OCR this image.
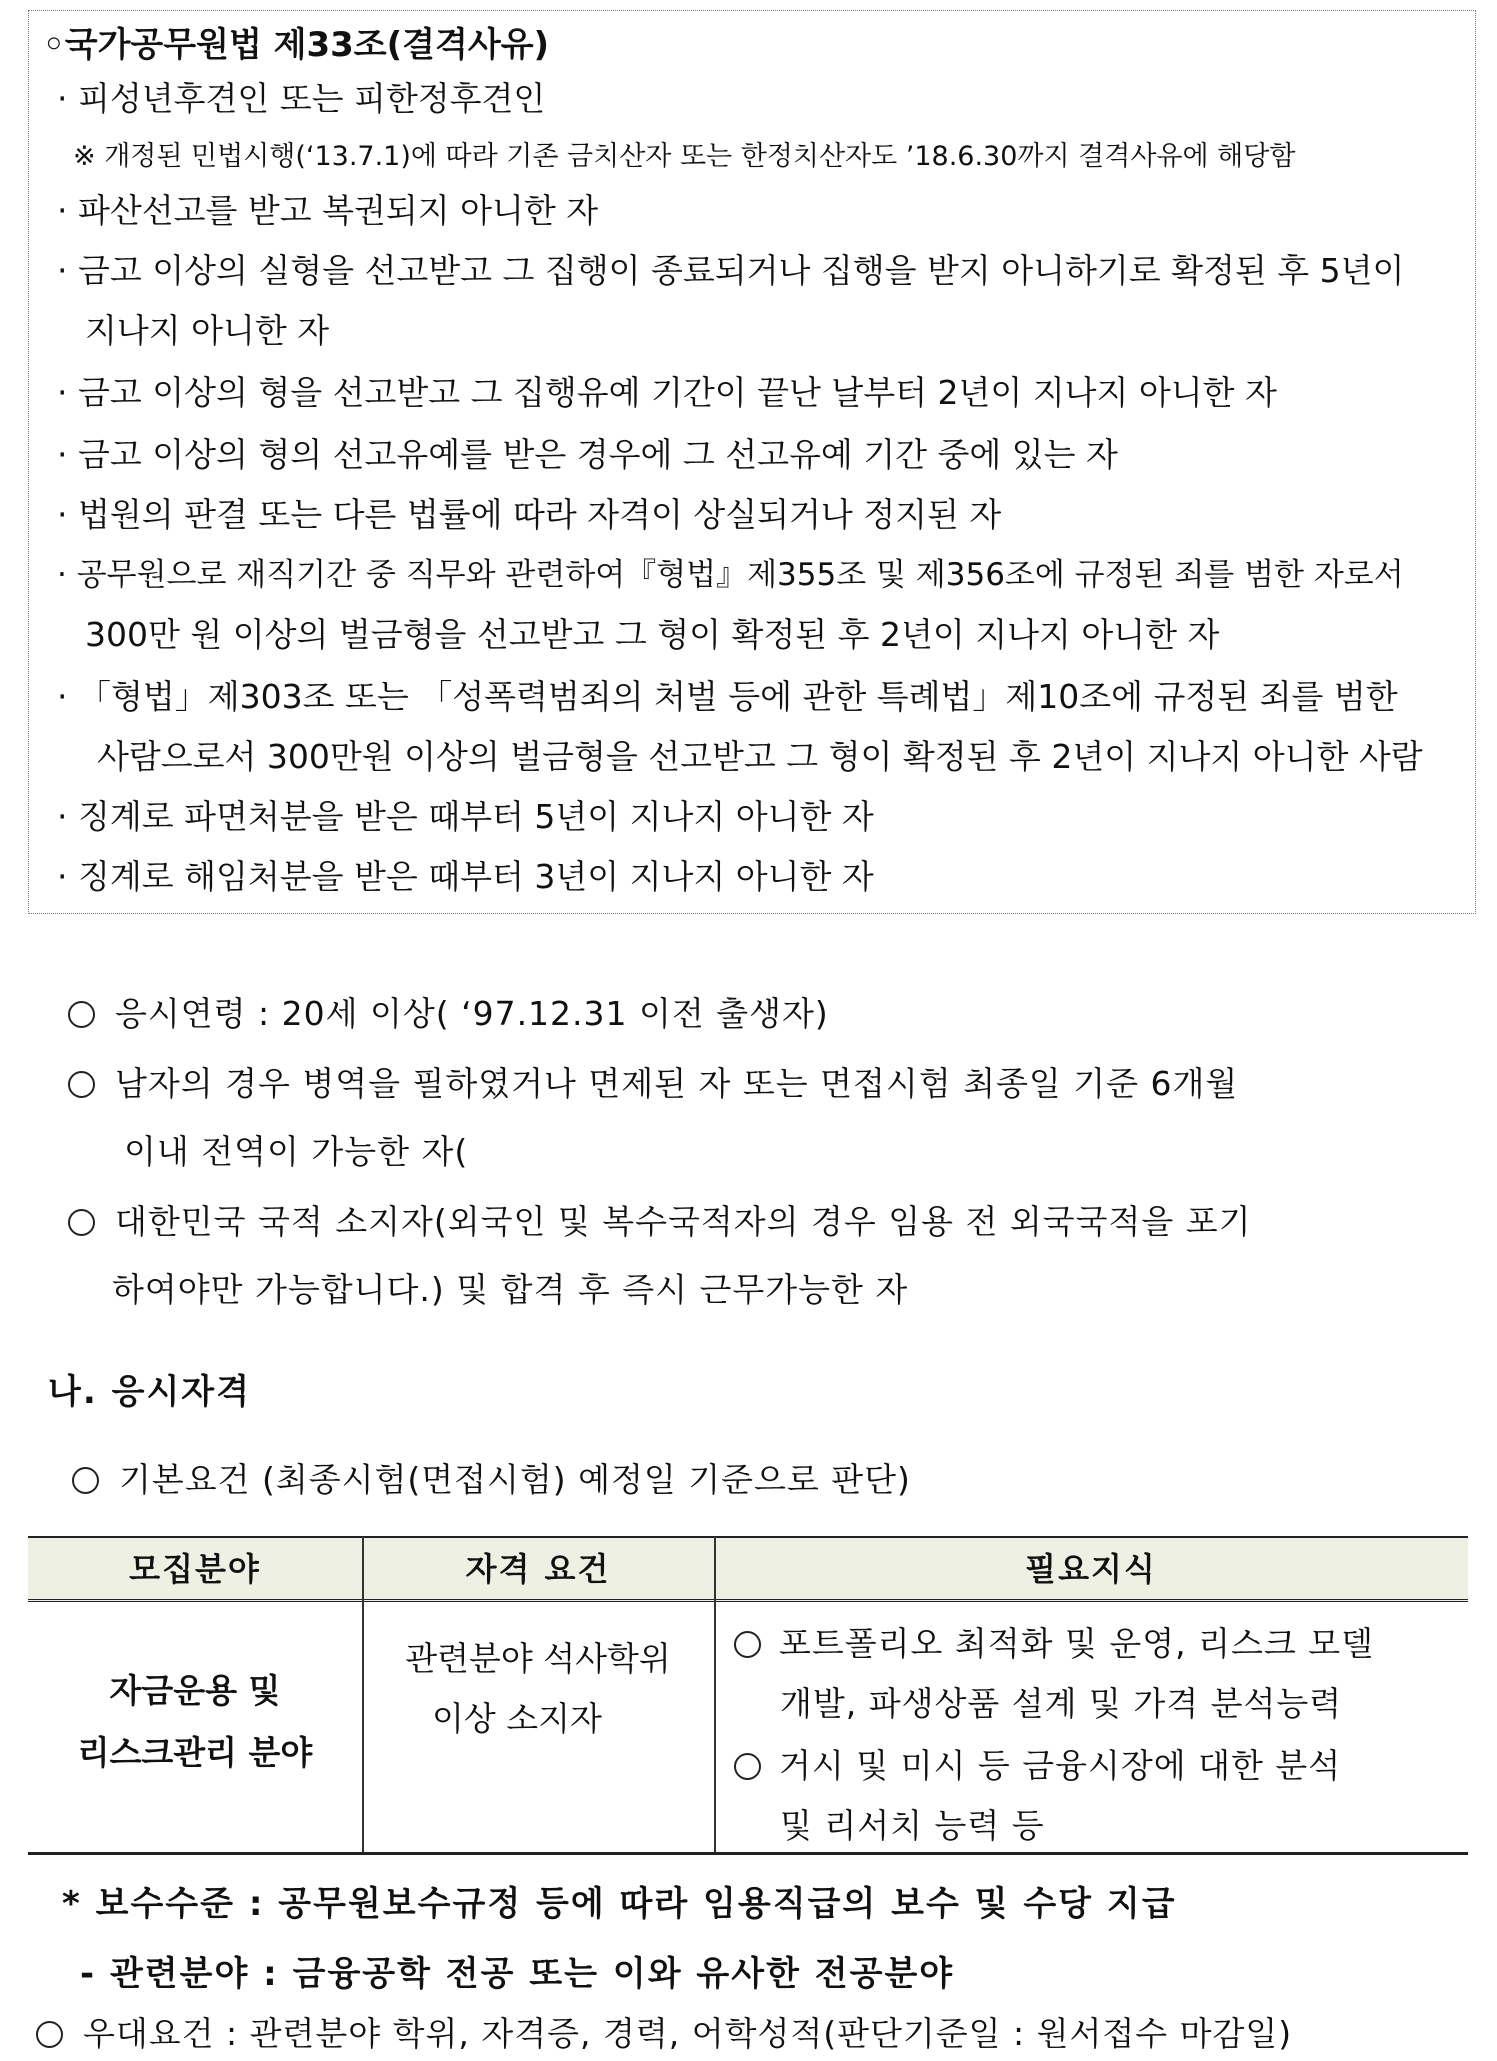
◦국가공무원법 제33조(결격사유)
· 피성년후견인 또는 피한정후견인
※ 개정된 민법시행(‘13.7.1)에 따라 기존 금치산자 또는 한정치산자도 ’18.6.30까지 결격사유에 해당함
· 파산선고를 받고 복권되지 아니한 자
· 금고 이상의 실형을 선고받고 그 집행이 종료되거나 집행을 받지 아니하기로 확정된 후 5년이
지나지 아니한 자
· 금고 이상의 형을 선고받고 그 집행유예 기간이 끝난 날부터 2년이 지나지 아니한 자
· 금고 이상의 형의 선고유예를 받은 경우에 그 선고유예 기간 중에 있는 자
· 법원의 판결 또는 다른 법률에 따라 자격이 상실되거나 정지된 자
· 공무원으로 재직기간 중 직무와 관련하여『형법』제355조 및 제356조에 규정된 죄를 범한 자로서
300만 원 이상의 벌금형을 선고받고 그 형이 확정된 후 2년이 지나지 아니한 자
· 「형법」제303조 또는 「성폭력범죄의 처벌 등에 관한 특례법」제10조에 규정된 죄를 범한
사람으로서 300만원 이상의 벌금형을 선고받고 그 형이 확정된 후 2년이 지나지 아니한 사람
· 징계로 파면처분을 받은 때부터 5년이 지나지 아니한 자
· 징계로 해임처분을 받은 때부터 3년이 지나지 아니한 자
응시연령 : 20세 이상( ‘97.12.31 이전 출생자)
남자의 경우 병역을 필하였거나 면제된 자 또는 면접시험 최종일 기준 6개월
이내 전역이 가능한 자(
대한민국 국적 소지자(외국인 및 복수국적자의 경우 임용 전 외국국적을 포기
하여야만 가능합니다.) 및 합격 후 즉시 근무가능한 자
나. 응시자격
기본요건 (최종시험(면접시험) 예정일 기준으로 판단)
모집분야	자격 요건	필요지식
자금운용 및
리스크관리 분야
관련분야 석사학위
이상 소지자
포트폴리오 최적화 및 운영, 리스크 모델
개발, 파생상품 설계 및 가격 분석능력
거시 및 미시 등 금융시장에 대한 분석
및 리서치 능력 등
* 보수수준 : 공무원보수규정 등에 따라 임용직급의 보수 및 수당 지급
- 관련분야 : 금융공학 전공 또는 이와 유사한 전공분야
우대요건 : 관련분야 학위, 자격증, 경력, 어학성적(판단기준일 : 원서접수 마감일)
